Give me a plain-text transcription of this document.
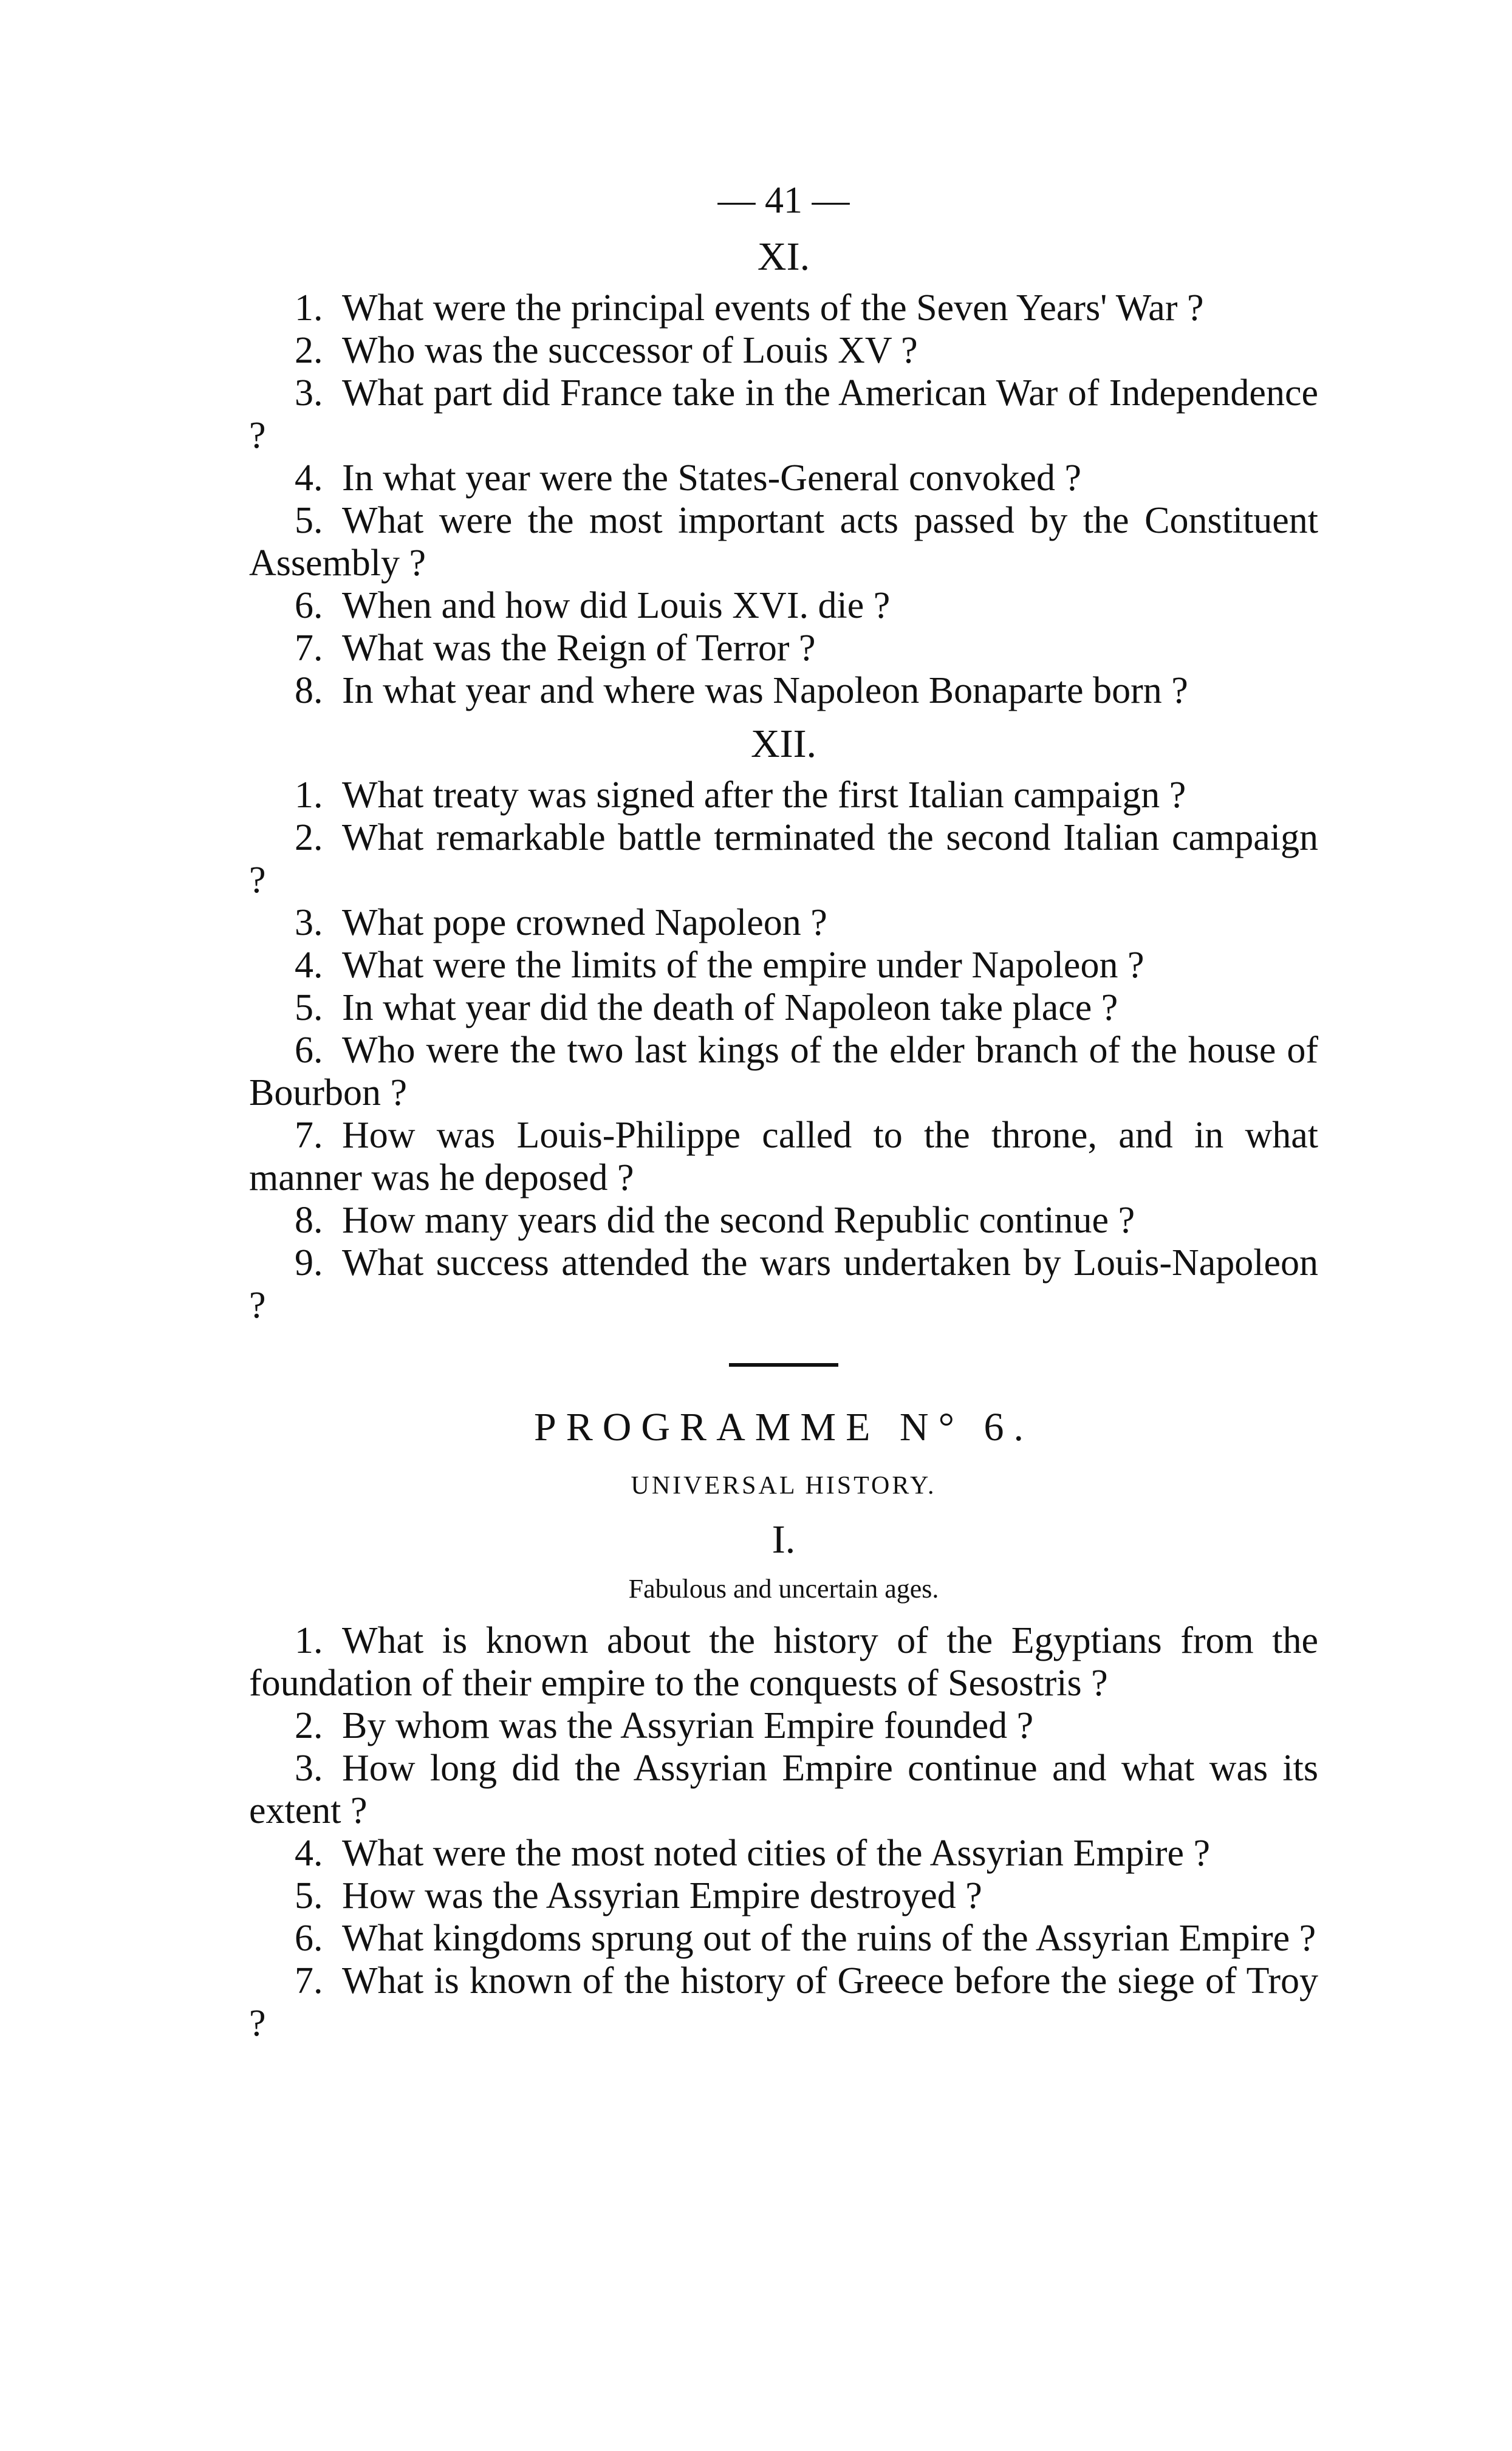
— 41 —
XI.
1. What were the principal events of the Seven Years' War ?
2. Who was the successor of Louis XV ?
3. What part did France take in the American War of Independence ?
4. In what year were the States-General convoked ?
5. What were the most important acts passed by the Constituent Assembly ?
6. When and how did Louis XVI. die ?
7. What was the Reign of Terror ?
8. In what year and where was Napoleon Bonaparte born ?
XII.
1. What treaty was signed after the first Italian campaign ?
2. What remarkable battle terminated the second Italian campaign ?
3. What pope crowned Napoleon ?
4. What were the limits of the empire under Napoleon ?
5. In what year did the death of Napoleon take place ?
6. Who were the two last kings of the elder branch of the house of Bourbon ?
7. How was Louis-Philippe called to the throne, and in what manner was he deposed ?
8. How many years did the second Republic continue ?
9. What success attended the wars undertaken by Louis-Napoleon ?
PROGRAMME N° 6.
UNIVERSAL HISTORY.
I.
Fabulous and uncertain ages.
1. What is known about the history of the Egyptians from the foundation of their empire to the conquests of Sesostris ?
2. By whom was the Assyrian Empire founded ?
3. How long did the Assyrian Empire continue and what was its extent ?
4. What were the most noted cities of the Assyrian Empire ?
5. How was the Assyrian Empire destroyed ?
6. What kingdoms sprung out of the ruins of the Assyrian Empire ?
7. What is known of the history of Greece before the siege of Troy ?
